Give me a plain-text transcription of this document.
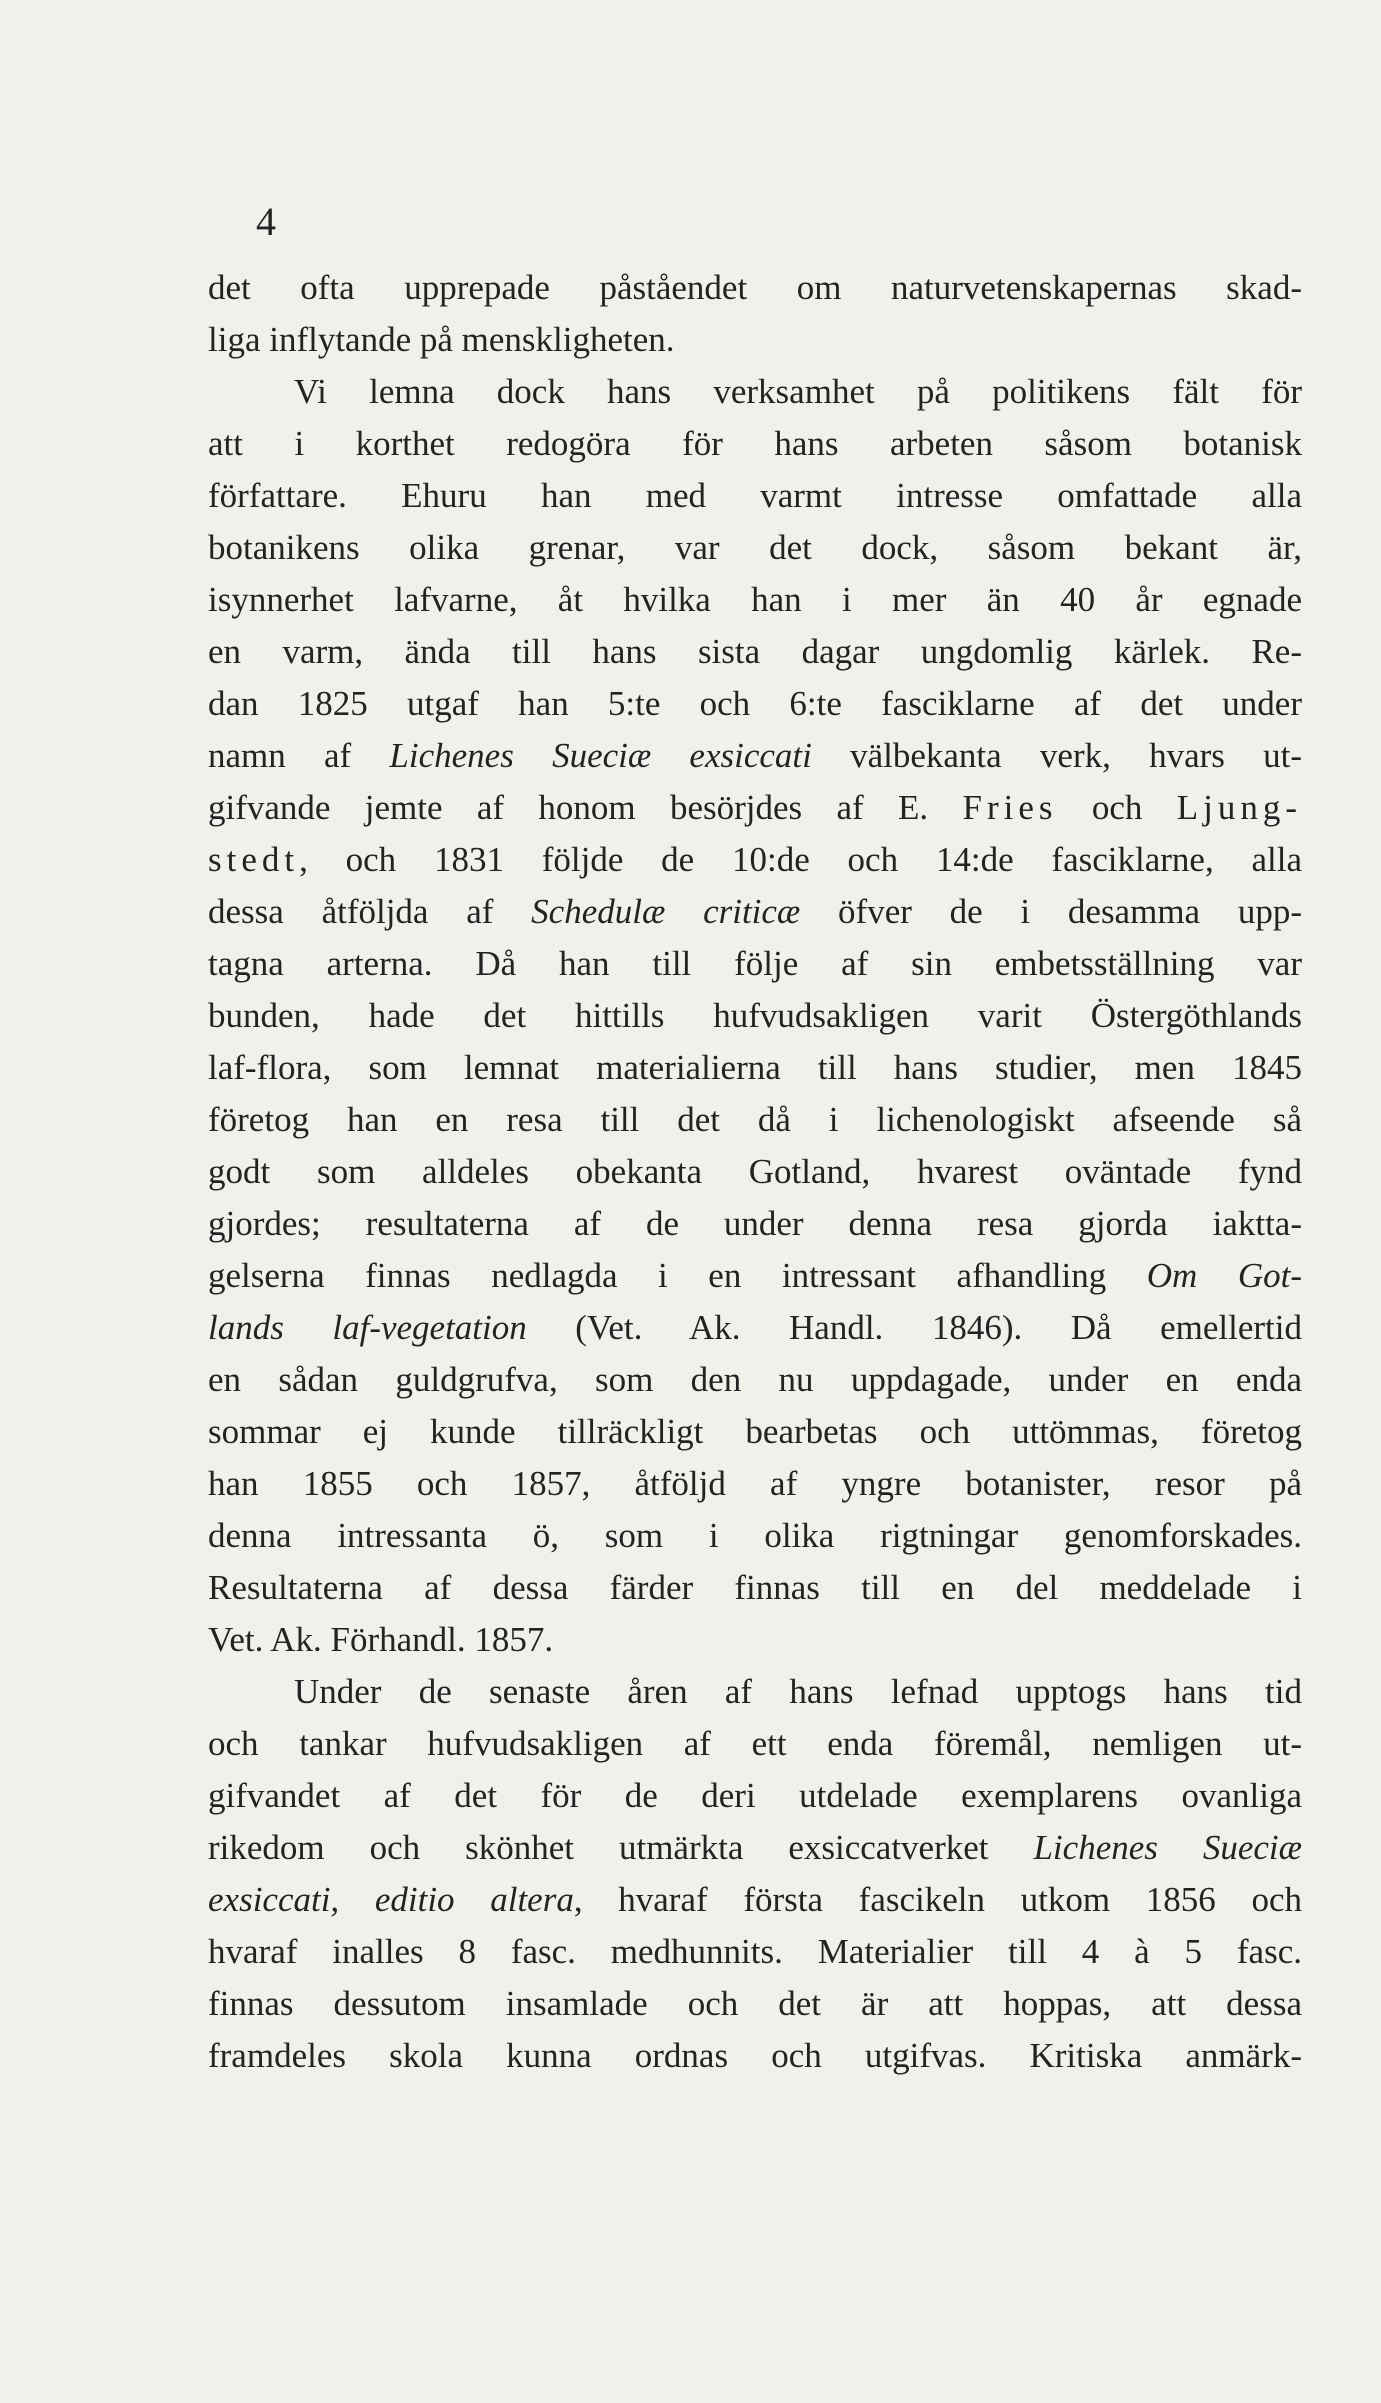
4
det ofta upprepade påståendet om naturvetenskapernas skad-
liga inflytande på menskligheten.
Vi lemna dock hans verksamhet på politikens fält för
att i korthet redogöra för hans arbeten såsom botanisk
författare. Ehuru han med varmt intresse omfattade alla
botanikens olika grenar, var det dock, såsom bekant är,
isynnerhet lafvarne, åt hvilka han i mer än 40 år egnade
en varm, ända till hans sista dagar ungdomlig kärlek. Re-
dan 1825 utgaf han 5:te och 6:te fasciklarne af det under
namn af Lichenes Sueciæ exsiccati välbekanta verk, hvars ut-
gifvande jemte af honom besörjdes af E. Fries och Ljung-
stedt, och 1831 följde de 10:de och 14:de fasciklarne, alla
dessa åtföljda af Schedulæ criticæ öfver de i desamma upp-
tagna arterna. Då han till följe af sin embetsställning var
bunden, hade det hittills hufvudsakligen varit Östergöthlands
laf-flora, som lemnat materialierna till hans studier, men 1845
företog han en resa till det då i lichenologiskt afseende så
godt som alldeles obekanta Gotland, hvarest oväntade fynd
gjordes; resultaterna af de under denna resa gjorda iaktta-
gelserna finnas nedlagda i en intressant afhandling Om Got-
lands laf-vegetation (Vet. Ak. Handl. 1846). Då emellertid
en sådan guldgrufva, som den nu uppdagade, under en enda
sommar ej kunde tillräckligt bearbetas och uttömmas, företog
han 1855 och 1857, åtföljd af yngre botanister, resor på
denna intressanta ö, som i olika rigtningar genomforskades.
Resultaterna af dessa färder finnas till en del meddelade i
Vet. Ak. Förhandl. 1857.
Under de senaste åren af hans lefnad upptogs hans tid
och tankar hufvudsakligen af ett enda föremål, nemligen ut-
gifvandet af det för de deri utdelade exemplarens ovanliga
rikedom och skönhet utmärkta exsiccatverket Lichenes Sueciæ
exsiccati, editio altera, hvaraf första fascikeln utkom 1856 och
hvaraf inalles 8 fasc. medhunnits. Materialier till 4 à 5 fasc.
finnas dessutom insamlade och det är att hoppas, att dessa
framdeles skola kunna ordnas och utgifvas. Kritiska anmärk-
